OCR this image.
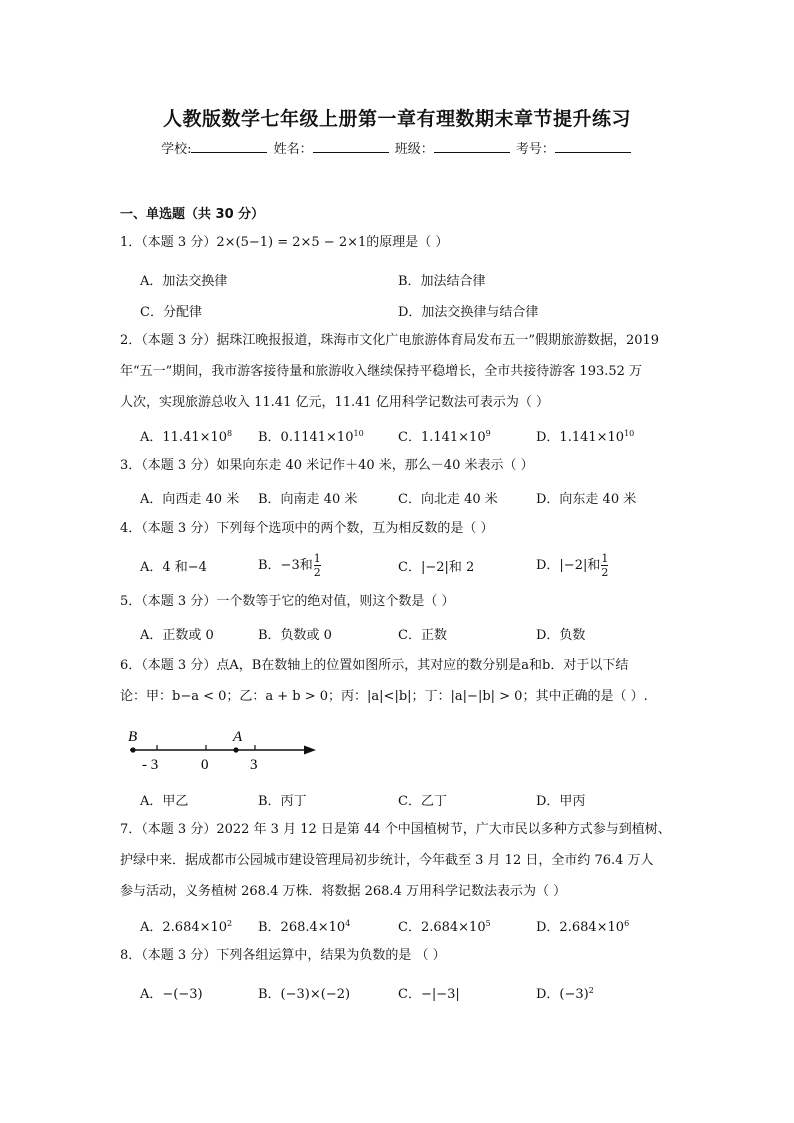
人教版数学七年级上册第一章有理数期末章节提升练习
学校:	姓名：	班级：	考号：
一、单选题（共 30 分）
1．（本题 3 分）2×(5−1) = 2×5 − 2×1的原理是（ ）
A．加法交换律	B．加法结合律
C．分配律	D．加法交换律与结合律
2．（本题 3 分）据珠江晚报报道，珠海市文化广电旅游体育局发布五一”假期旅游数据，2019
年“五一”期间，我市游客接待量和旅游收入继续保持平稳增长，全市共接待游客 193.52 万
人次，实现旅游总收入 11.41 亿元，11.41 亿用科学记数法可表示为（ ）
A．$11.41\times 10^8$ B．$0.1141\times 10^{10}$	C．$1.141\times 10^9$	D．$1.141\times 10^{10}$
3．（本题 3 分）如果向东走 40 米记作＋40 米，那么－40 米表示（ ）
A．向西走 40 米 B．向南走 40 米	C．向北走 40 米	D．向东走 40 米
4．（本题 3 分）下列每个选项中的两个数，互为相反数的是（ ）
A．4 和−4	B．−3和 $\frac{1}{2}$	C．|−2|和 2	D．|−2|和 $\frac{1}{2}$
5．（本题 3 分）一个数等于它的绝对值，则这个数是（ ）
A．正数或 0	B．负数或 0	C．正数	D．负数
6．（本题 3 分）点A，B在数轴上的位置如图所示，其对应的数分别是a和b．对于以下结
论：甲：b−a < 0；乙：a + b > 0；丙：|a|<|b|；丁：|a|−|b| > 0；其中正确的是（ ）.
B	A
- 3	0	3
A．甲乙	B．丙丁	C．乙丁	D．甲丙
7．（本题 3 分）2022 年 3 月 12 日是第 44 个中国植树节，广大市民以多种方式参与到植树、
护绿中来．据成都市公园城市建设管理局初步统计，今年截至 3 月 12 日，全市约 76.4 万人
参与活动，义务植树 268.4 万株．将数据 268.4 万用科学记数法表示为（ ）
A．$2.684\times 10^2$ B．$268.4\times 10^4$	C．$2.684\times 10^5$	D．$2.684\times 10^6$
8．（本题 3 分）下列各组运算中，结果为负数的是 （ ）
A．−(−3)	B．(−3)×(−2)	C．−|−3|	D．$(-3)^2$
